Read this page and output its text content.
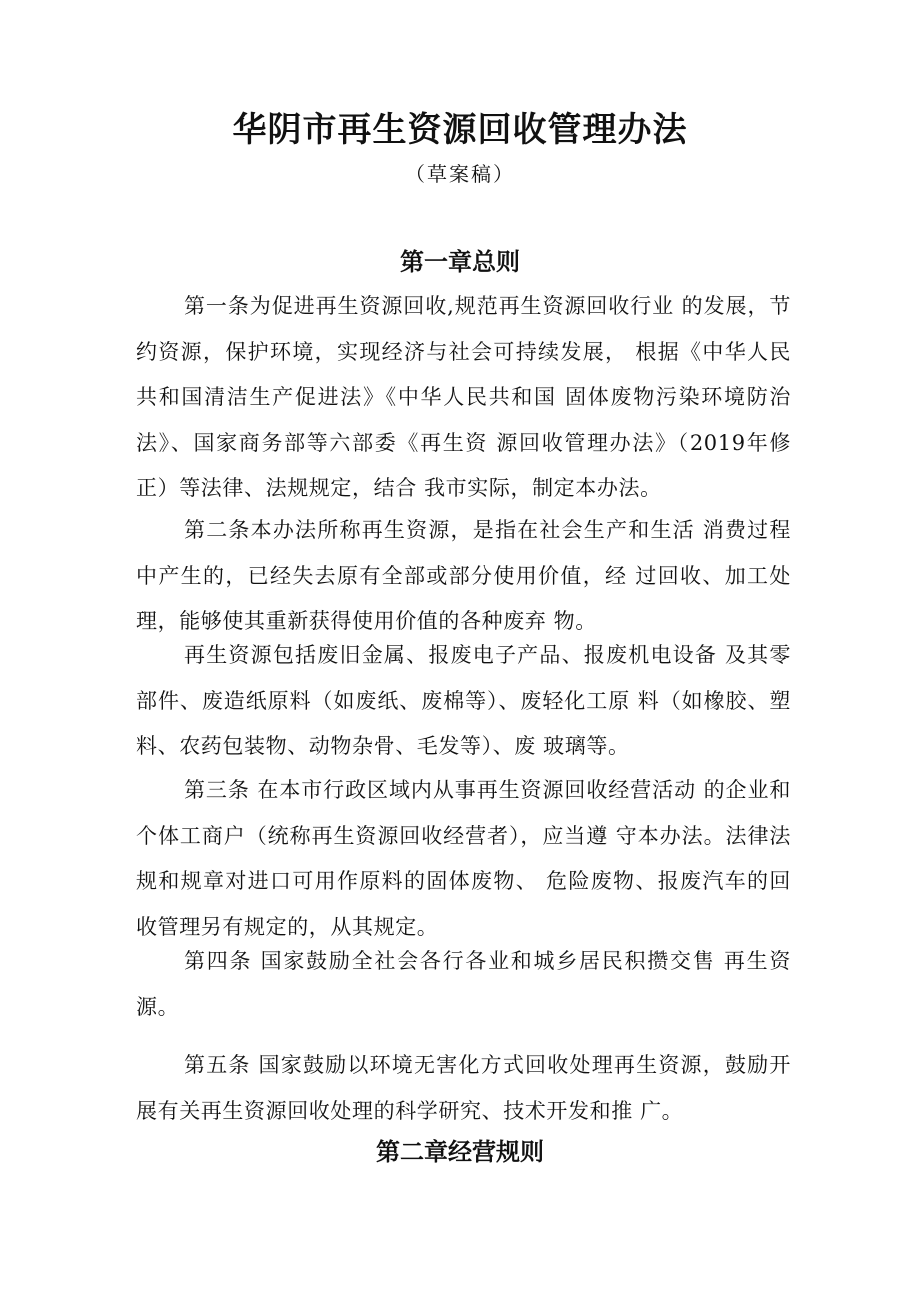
华阴市再生资源回收管理办法
（草案稿）
第一章总则

第一条为促进再生资源回收,规范再生资源回收行业 的发展，节约资源，保护环境，实现经济与社会可持续发展， 根据《中华人民共和国清洁生产促进法》《中华人民共和国 固体废物污染环境防治法》、国家商务部等六部委《再生资 源回收管理办法》（2019年修正）等法律、法规规定，结合 我市实际，制定本办法。

第二条本办法所称再生资源，是指在社会生产和生活 消费过程中产生的，已经失去原有全部或部分使用价值，经 过回收、加工处理，能够使其重新获得使用价值的各种废弃 物。

再生资源包括废旧金属、报废电子产品、报废机电设备 及其零部件、废造纸原料（如废纸、废棉等）、废轻化工原 料（如橡胶、塑料、农药包装物、动物杂骨、毛发等）、废 玻璃等。

第三条 在本市行政区域内从事再生资源回收经营活动 的企业和个体工商户（统称再生资源回收经营者），应当遵 守本办法。法律法规和规章对进口可用作原料的固体废物、 危险废物、报废汽车的回收管理另有规定的，从其规定。

第四条 国家鼓励全社会各行各业和城乡居民积攒交售 再生资源。

第五条 国家鼓励以环境无害化方式回收处理再生资源，鼓励开展有关再生资源回收处理的科学研究、技术开发和推 广。

第二章经营规则
